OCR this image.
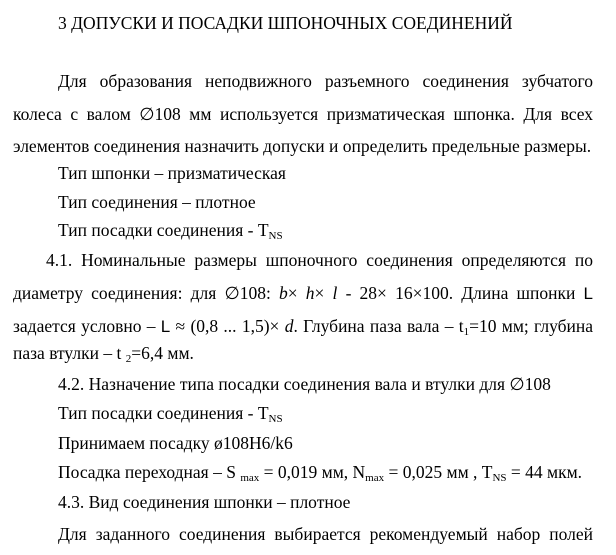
3 ДОПУСКИ И ПОСАДКИ ШПОНОЧНЫХ СОЕДИНЕНИЙ
Для образования неподвижного разъемного соединения зубчатого
колеса с валом ∅108 мм используется призматическая шпонка. Для всех
элементов соединения назначить допуски и определить предельные размеры.
Тип шпонки – призматическая
Тип соединения – плотное
Тип посадки соединения - $T_{NS}$
4.1. Номинальные размеры шпоночного соединения определяются по
диаметру соединения: для ∅108: b× h× l - 28× 16×100. Длина шпонки L
задается условно – L ≈ (0,8 ... 1,5)× d. Глубина паза вала – $t_1=10$ мм; глубина
паза втулки – t $_2$=6,4 мм.
4.2. Назначение типа посадки соединения вала и втулки для ∅108
Тип посадки соединения - $T_{NS}$
Принимаем посадку ø108H6/k6
Посадка переходная – S $_{max}$ = 0,019 мм, $N_{max} = 0,025$ мм , $T_{NS} = 44$ мкм.
4.3. Вид соединения шпонки – плотное
Для заданного соединения выбирается рекомендуемый набор полей
